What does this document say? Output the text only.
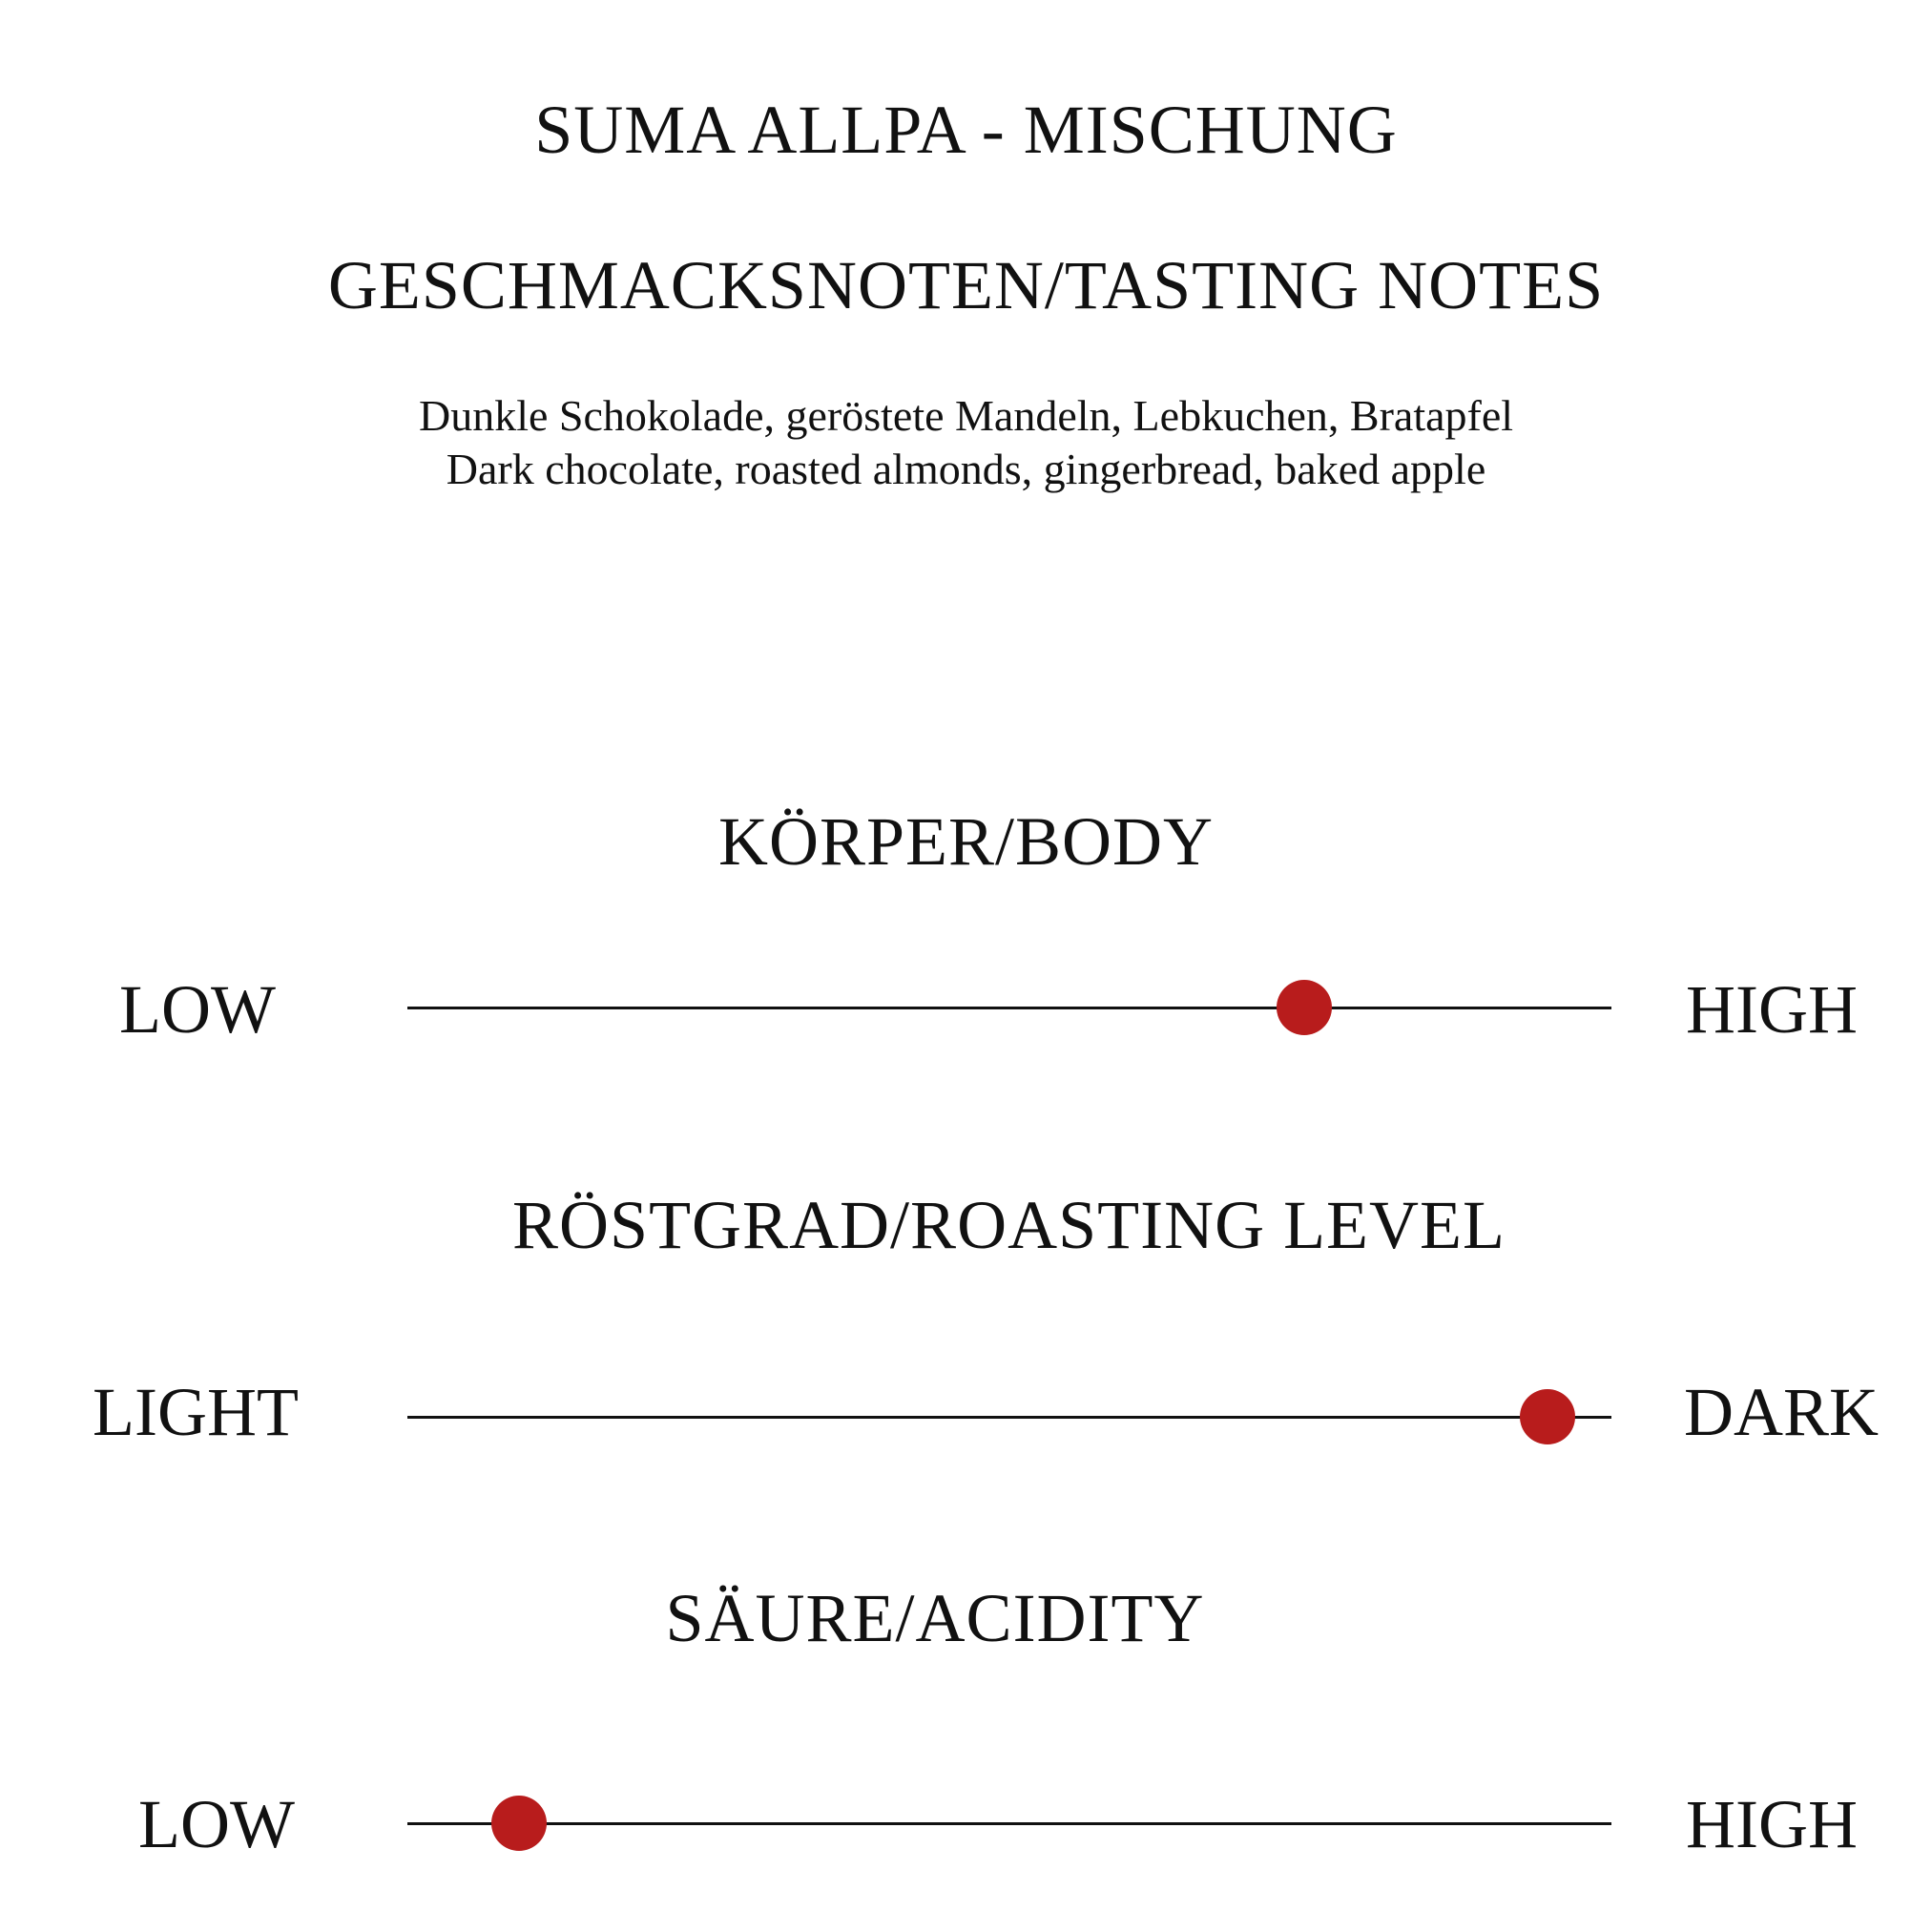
SUMA ALLPA - MISCHUNG
GESCHMACKSNOTEN/TASTING NOTES

Dunkle Schokolade, geröstete Mandeln, Lebkuchen, Bratapfel

Dark chocolate, roasted almonds, gingerbread, baked apple

KÖRPER/BODY
LOW	HIGH
RÖSTGRAD/ROASTING LEVEL
LIGHT	DARK
SÄURE/ACIDITY
LOW	HIGH
